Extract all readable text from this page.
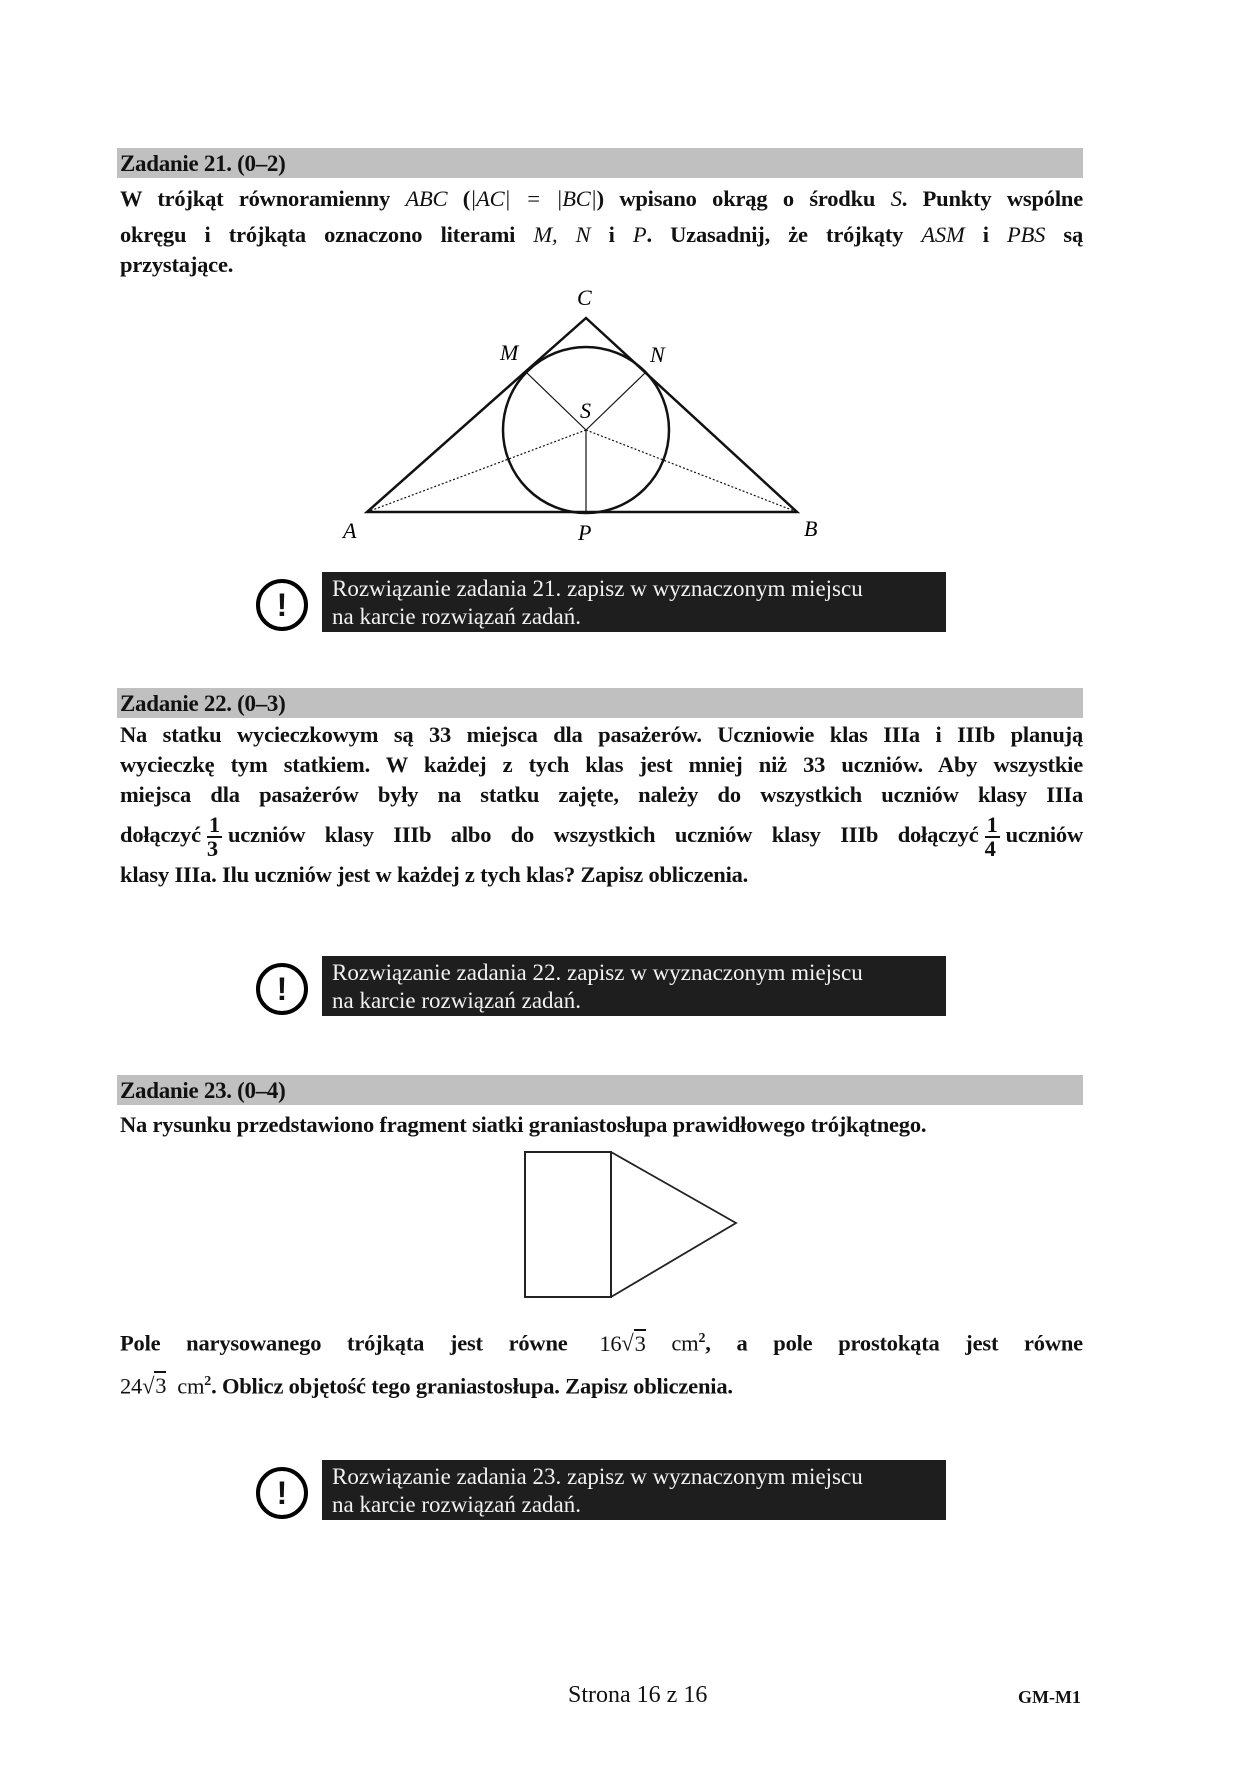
Zadanie 21. (0–2)
W trójkąt równoramienny ABC (|AC| = |BC|) wpisano okrąg o środku S. Punkty wspólne
okręgu i trójkąta oznaczono literami M, N i P. Uzasadnij, że trójkąty ASM i PBS są
przystające.
C
M	N
S
A	P	B
!	Rozwiązanie zadania 21. zapisz w wyznaczonym miejscu
na karcie rozwiązań zadań.
Zadanie 22. (0–3)
Na statku wycieczkowym są 33 miejsca dla pasażerów. Uczniowie klas IIIa i IIIb planują
wycieczkę tym statkiem. W każdej z tych klas jest mniej niż 33 uczniów. Aby wszystkie
miejsca dla pasażerów były na statku zajęte, należy do wszystkich uczniów klasy IIIa
dołączyć $\frac{1}{3}$ uczniów klasy IIIb albo do wszystkich uczniów klasy IIIb dołączyć $\frac{1}{4}$ uczniów
klasy IIIa. Ilu uczniów jest w każdej z tych klas? Zapisz obliczenia.
!	Rozwiązanie zadania 22. zapisz w wyznaczonym miejscu
na karcie rozwiązań zadań.
Zadanie 23. (0–4)
Na rysunku przedstawiono fragment siatki graniastosłupa prawidłowego trójkątnego.
Pole narysowanego trójkąta jest równe 16√3 $cm^2$, a pole prostokąta jest równe
24√3 $cm^2$. Oblicz objętość tego graniastosłupa. Zapisz obliczenia.
!	Rozwiązanie zadania 23. zapisz w wyznaczonym miejscu
na karcie rozwiązań zadań.
Strona 16 z 16	GM-M1
